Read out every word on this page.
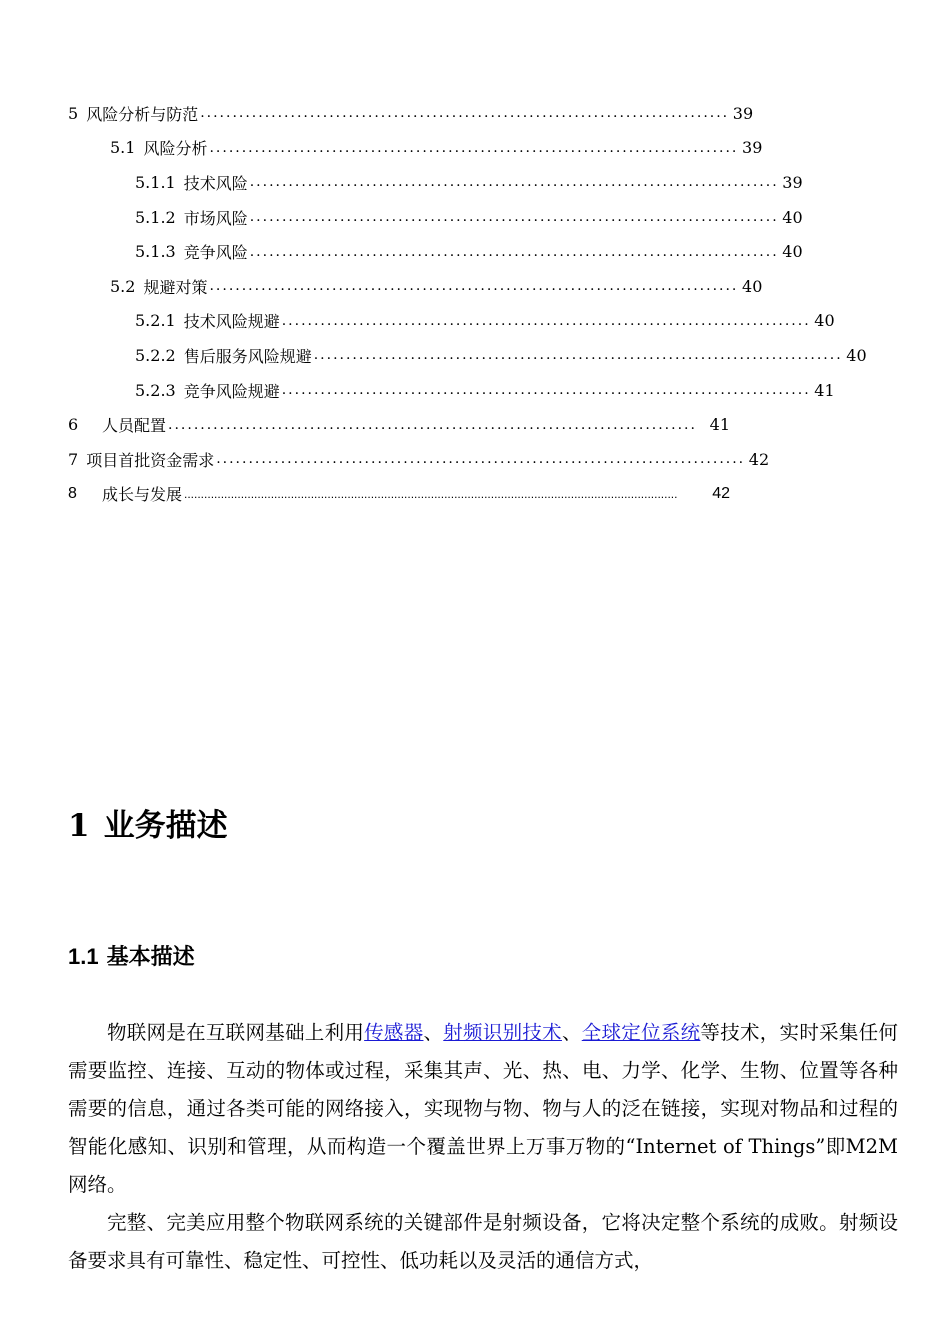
5 风险分析与防范 .................................................................................. 39
5.1 风险分析 .................................................................................. 39
5.1.1 技术风险 .................................................................................. 39
5.1.2 市场风险 .................................................................................. 40
5.1.3 竞争风险 .................................................................................. 40
5.2 规避对策 .................................................................................. 40
5.2.1 技术风险规避 .................................................................................. 40
5.2.2 售后服务风险规避 .................................................................................. 40
5.2.3 竞争风险规避 .................................................................................. 41
6	人员配置 .................................................................................. 41
7 项目首批资金需求 .................................................................................. 42
8	成长与发展 ....................................................................................................................................................	42
1 业务描述
1.1 基本描述

物联网是在互联网基础上利用传感器、射频识别技术、全球定位系统等技术，实时采集任何需要监控、连接、互动的物体或过程，采集其声、光、热、电、力学、化学、生物、位置等各种需要的信息，通过各类可能的网络接入，实现物与物、物与人的泛在链接，实现对物品和过程的智能化感知、识别和管理，从而构造一个覆盖世界上万事万物的“Internet of Things”即M2M网络。

完整、完美应用整个物联网系统的关键部件是射频设备，它将决定整个系统的成败。射频设备要求具有可靠性、稳定性、可控性、低功耗以及灵活的通信方式，
